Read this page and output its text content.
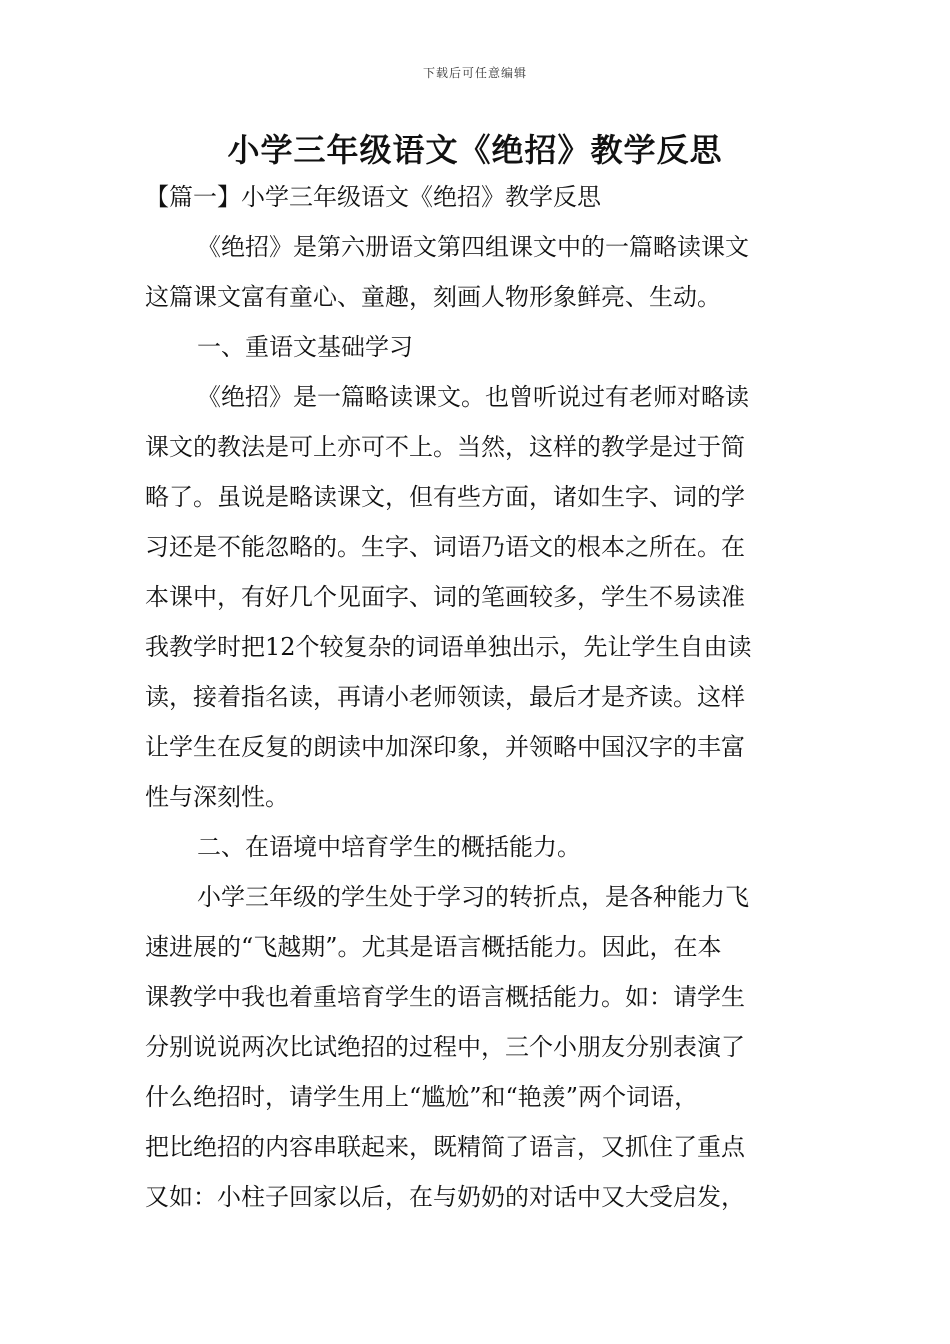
下载后可任意编辑
小学三年级语文《绝招》教学反思

【篇一】小学三年级语文《绝招》教学反思

《绝招》是第六册语文第四组课文中的一篇略读课文

这篇课文富有童心、童趣，刻画人物形象鲜亮、生动。

一、重语文基础学习

《绝招》是一篇略读课文。也曾听说过有老师对略读

课文的教法是可上亦可不上。当然，这样的教学是过于简

略了。虽说是略读课文，但有些方面，诸如生字、词的学

习还是不能忽略的。生字、词语乃语文的根本之所在。在

本课中，有好几个见面字、词的笔画较多，学生不易读准

我教学时把12个较复杂的词语单独出示，先让学生自由读

读，接着指名读，再请小老师领读，最后才是齐读。这样

让学生在反复的朗读中加深印象，并领略中国汉字的丰富

性与深刻性。

二、在语境中培育学生的概括能力。

小学三年级的学生处于学习的转折点，是各种能力飞

速进展的“飞越期”。尤其是语言概括能力。因此，在本

课教学中我也着重培育学生的语言概括能力。如：请学生

分别说说两次比试绝招的过程中，三个小朋友分别表演了

什么绝招时，请学生用上“尴尬”和“艳羡”两个词语，

把比绝招的内容串联起来，既精简了语言，又抓住了重点

又如：小柱子回家以后，在与奶奶的对话中又大受启发，
